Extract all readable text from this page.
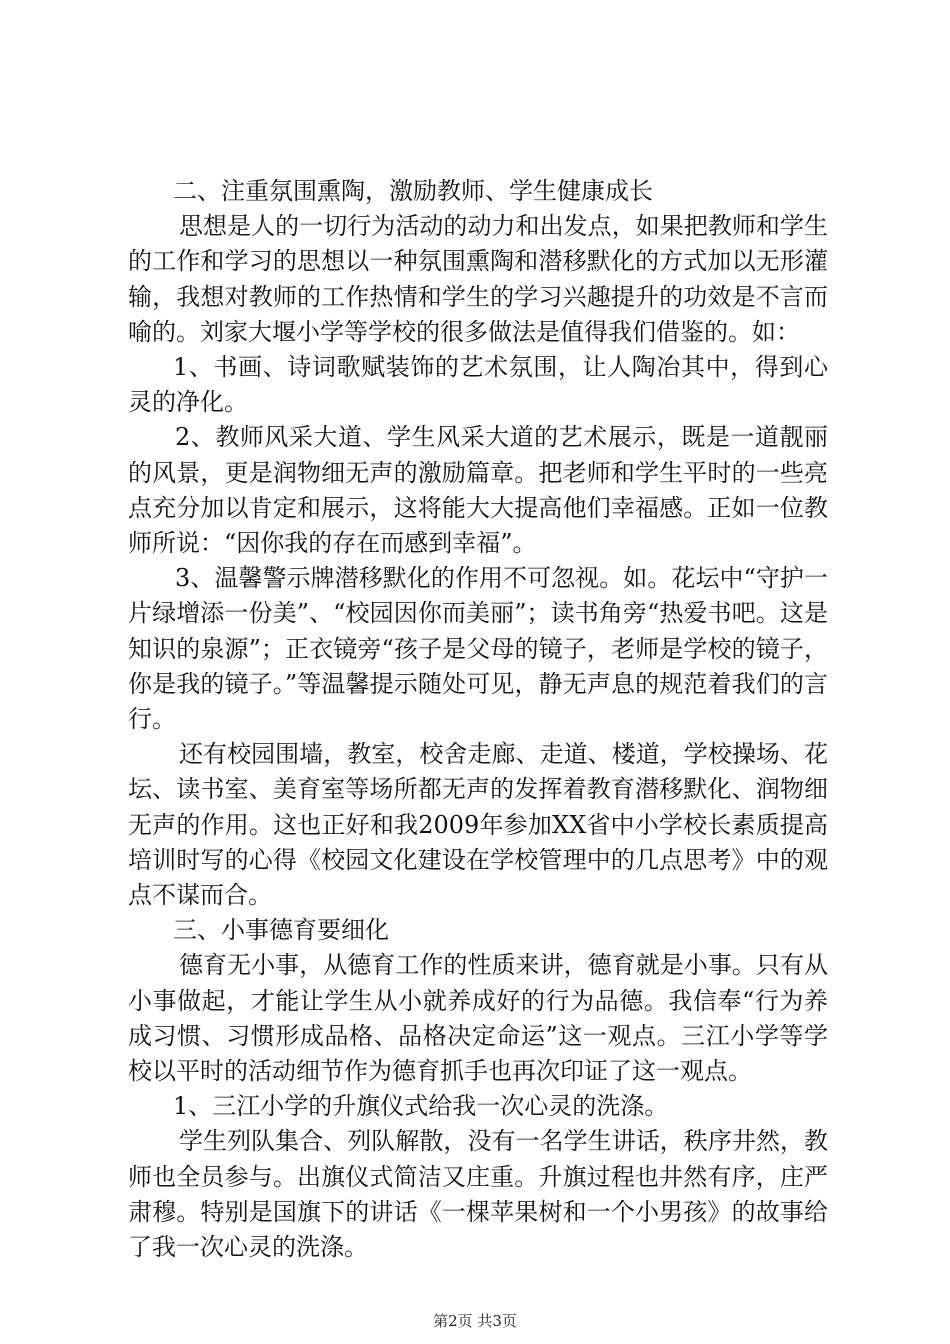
二、注重氛围熏陶，激励教师、学生健康成长

思想是人的一切行为活动的动力和出发点，如果把教师和学生的工作和学习的思想以一种氛围熏陶和潜移默化的方式加以无形灌输，我想对教师的工作热情和学生的学习兴趣提升的功效是不言而喻的。刘家大堰小学等学校的很多做法是值得我们借鉴的。如：

1、书画、诗词歌赋装饰的艺术氛围，让人陶冶其中，得到心灵的净化。

2、教师风采大道、学生风采大道的艺术展示，既是一道靓丽的风景，更是润物细无声的激励篇章。把老师和学生平时的一些亮点充分加以肯定和展示，这将能大大提高他们幸福感。正如一位教师所说：“因你我的存在而感到幸福”。

3、温馨警示牌潜移默化的作用不可忽视。如。花坛中“守护一片绿增添一份美”、“校园因你而美丽”；读书角旁“热爱书吧。这是知识的泉源”；正衣镜旁“孩子是父母的镜子，老师是学校的镜子，你是我的镜子。”等温馨提示随处可见，静无声息的规范着我们的言行。

还有校园围墙，教室，校舍走廊、走道、楼道，学校操场、花坛、读书室、美育室等场所都无声的发挥着教育潜移默化、润物细无声的作用。这也正好和我2009年参加XX省中小学校长素质提高培训时写的心得《校园文化建设在学校管理中的几点思考》中的观点不谋而合。

三、小事德育要细化

德育无小事，从德育工作的性质来讲，德育就是小事。只有从小事做起，才能让学生从小就养成好的行为品德。我信奉“行为养成习惯、习惯形成品格、品格决定命运”这一观点。三江小学等学校以平时的活动细节作为德育抓手也再次印证了这一观点。

1、三江小学的升旗仪式给我一次心灵的洗涤。

学生列队集合、列队解散，没有一名学生讲话，秩序井然，教师也全员参与。出旗仪式简洁又庄重。升旗过程也井然有序，庄严肃穆。特别是国旗下的讲话《一棵苹果树和一个小男孩》的故事给了我一次心灵的洗涤。

第2页 共3页
